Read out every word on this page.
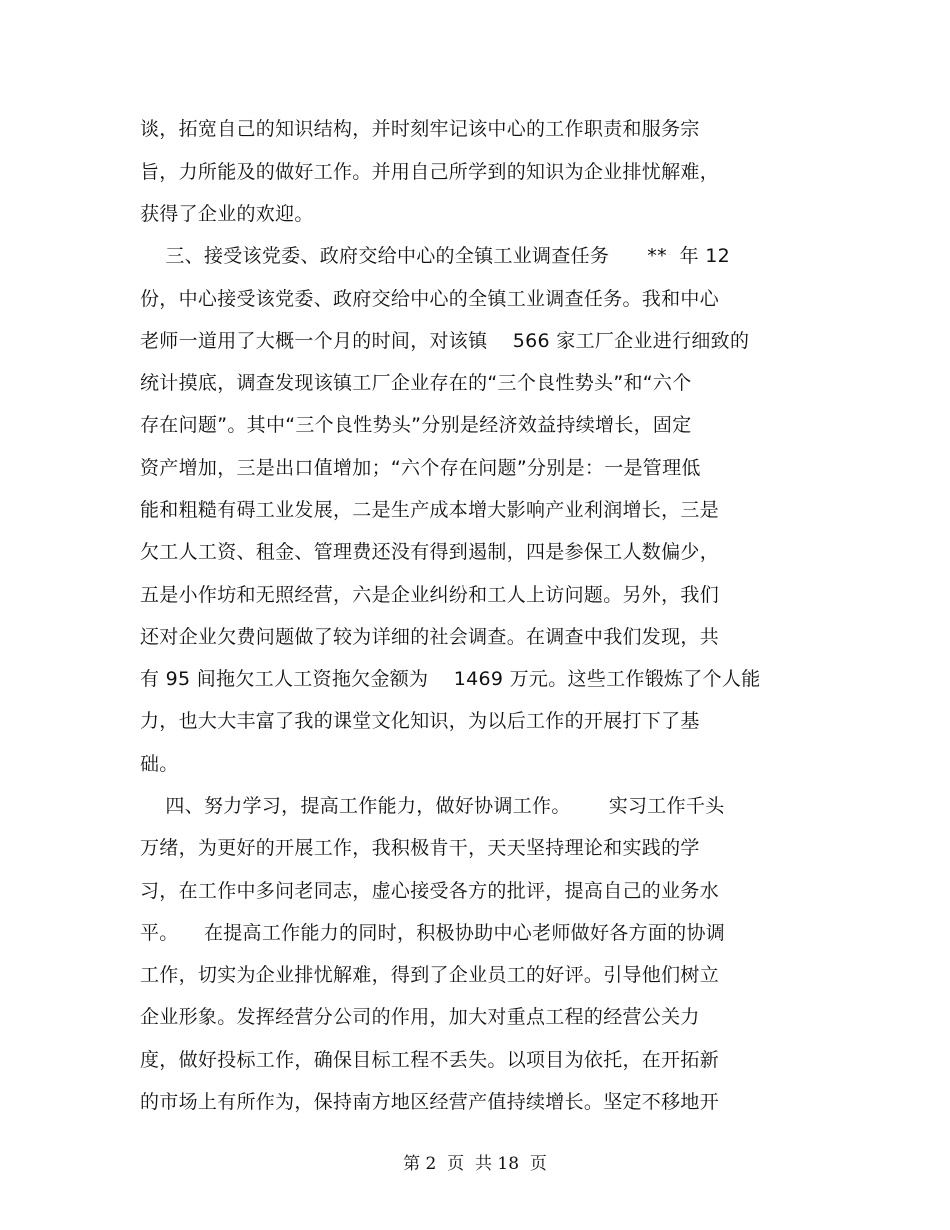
谈，拓宽自己的知识结构，并时刻牢记该中心的工作职责和服务宗
旨，力所能及的做好工作。并用自己所学到的知识为企业排忧解难，
获得了企业的欢迎。
三、接受该党委、政府交给中心的全镇工业调查任务      **  年 12
份，中心接受该党委、政府交给中心的全镇工业调查任务。我和中心
老师一道用了大概一个月的时间，对该镇    566 家工厂企业进行细致的
统计摸底，调查发现该镇工厂企业存在的“三个良性势头”和“六个
存在问题”。其中“三个良性势头”分别是经济效益持续增长，固定
资产增加，三是出口值增加；“六个存在问题”分别是：一是管理低
能和粗糙有碍工业发展，二是生产成本增大影响产业利润增长，三是
欠工人工资、租金、管理费还没有得到遏制，四是参保工人数偏少，
五是小作坊和无照经营，六是企业纠纷和工人上访问题。另外，我们
还对企业欠费问题做了较为详细的社会调查。在调查中我们发现，共
有 95 间拖欠工人工资拖欠金额为    1469 万元。这些工作锻炼了个人能
力，也大大丰富了我的课堂文化知识，为以后工作的开展打下了基
础。
四、努力学习，提高工作能力，做好协调工作。      实习工作千头
万绪，为更好的开展工作，我积极肯干，天天坚持理论和实践的学
习，在工作中多问老同志，虚心接受各方的批评，提高自己的业务水
平。    在提高工作能力的同时，积极协助中心老师做好各方面的协调
工作，切实为企业排忧解难，得到了企业员工的好评。引导他们树立
企业形象。发挥经营分公司的作用，加大对重点工程的经营公关力
度，做好投标工作，确保目标工程不丢失。以项目为依托，在开拓新
的市场上有所作为，保持南方地区经营产值持续增长。坚定不移地开
第 2  页  共 18  页
